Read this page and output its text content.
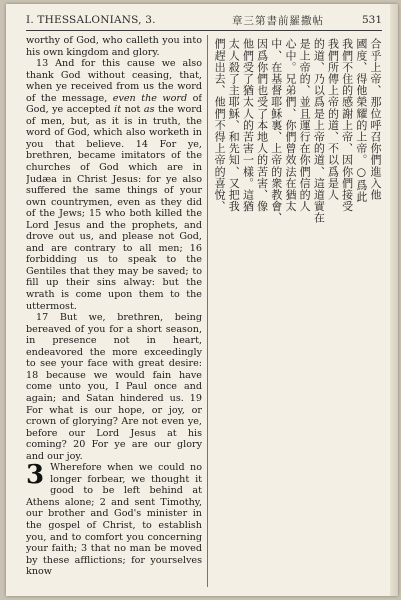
I. THESSALONIANS, 3.	章三第書前羅撒帖	531

worthy of God, who calleth you into his own kingdom and glory.

13 And for this cause we also thank God without ceasing, that, when ye received from us the word of the message, even the word of God, ye accepted it not as the word of men, but, as it is in truth, the word of God, which also worketh in you that believe. 14 For ye, brethren, became imitators of the churches of God which are in Judæa in Christ Jesus: for ye also suffered the same things of your own countrymen, even as they did of the Jews; 15 who both killed the Lord Jesus and the prophets, and drove out us, and please not God, and are contrary to all men; 16 forbidding us to speak to the Gentiles that they may be saved; to fill up their sins alway: but the wrath is come upon them to the uttermost.

17 But we, brethren, being bereaved of you for a short season, in presence not in heart, endeavored the more exceedingly to see your face with great desire: 18 because we would fain have come unto you, I Paul once and again; and Satan hindered us. 19 For what is our hope, or joy, or crown of glorying? Are not even ye, before our Lord Jesus at his coming? 20 For ye are our glory and our joy.

3 Wherefore when we could no longer forbear, we thought it good to be left behind at Athens alone; 2 and sent Timothy, our brother and God's minister in the gospel of Christ, to establish you, and to comfort you concerning your faith; 3 that no man be moved by these afflictions; for yourselves know

合乎上帝、那位呼召你們進入他
國度、得他榮耀的上帝。○爲此
我們不住的感謝上帝、因你們接受
我們所傳上帝的道、不以爲是人
的道、乃以爲是上帝的道、這道實在
是上帝的、並且運行在你們信的人
心中。兄弟們、你們曾效法在猶太
中、在基督耶穌裏、上帝的衆教會、
因爲你們也受了本地人的苦害、像
他們受了猶太人的苦害一樣。這猶
太人殺了主耶穌、和先知、又把我
們趕出去、他們不得上帝的喜悅、
